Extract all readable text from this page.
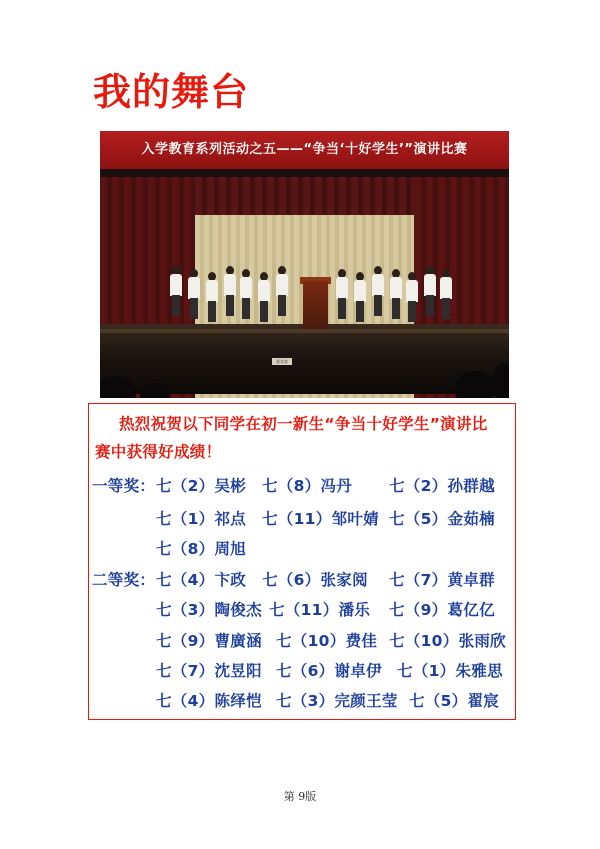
我的舞台
入学教育系列活动之五——“争当‘十好学生’”演讲比赛
嘉宾席
热烈祝贺以下同学在初一新生“争当十好学生”演讲比
赛中获得好成绩！
一等奖： 七（2）吴彬 七（8）冯丹 七（2）孙群越
七（1）祁点 七（11）邹叶婧 七（5）金茹楠
七（8）周旭
二等奖： 七（4）卞政 七（6）张家阅 七（7）黄卓群
七（3）陶俊杰 七（11）潘乐 七（9）葛亿亿
七（9）曹廣涵 七（10）费佳 七（10）张雨欣
七（7）沈昱阳 七（6）谢卓伊 七（1）朱雅思
七（4）陈绎恺 七（3）完颜王莹 七（5）翟宸
第 9版
